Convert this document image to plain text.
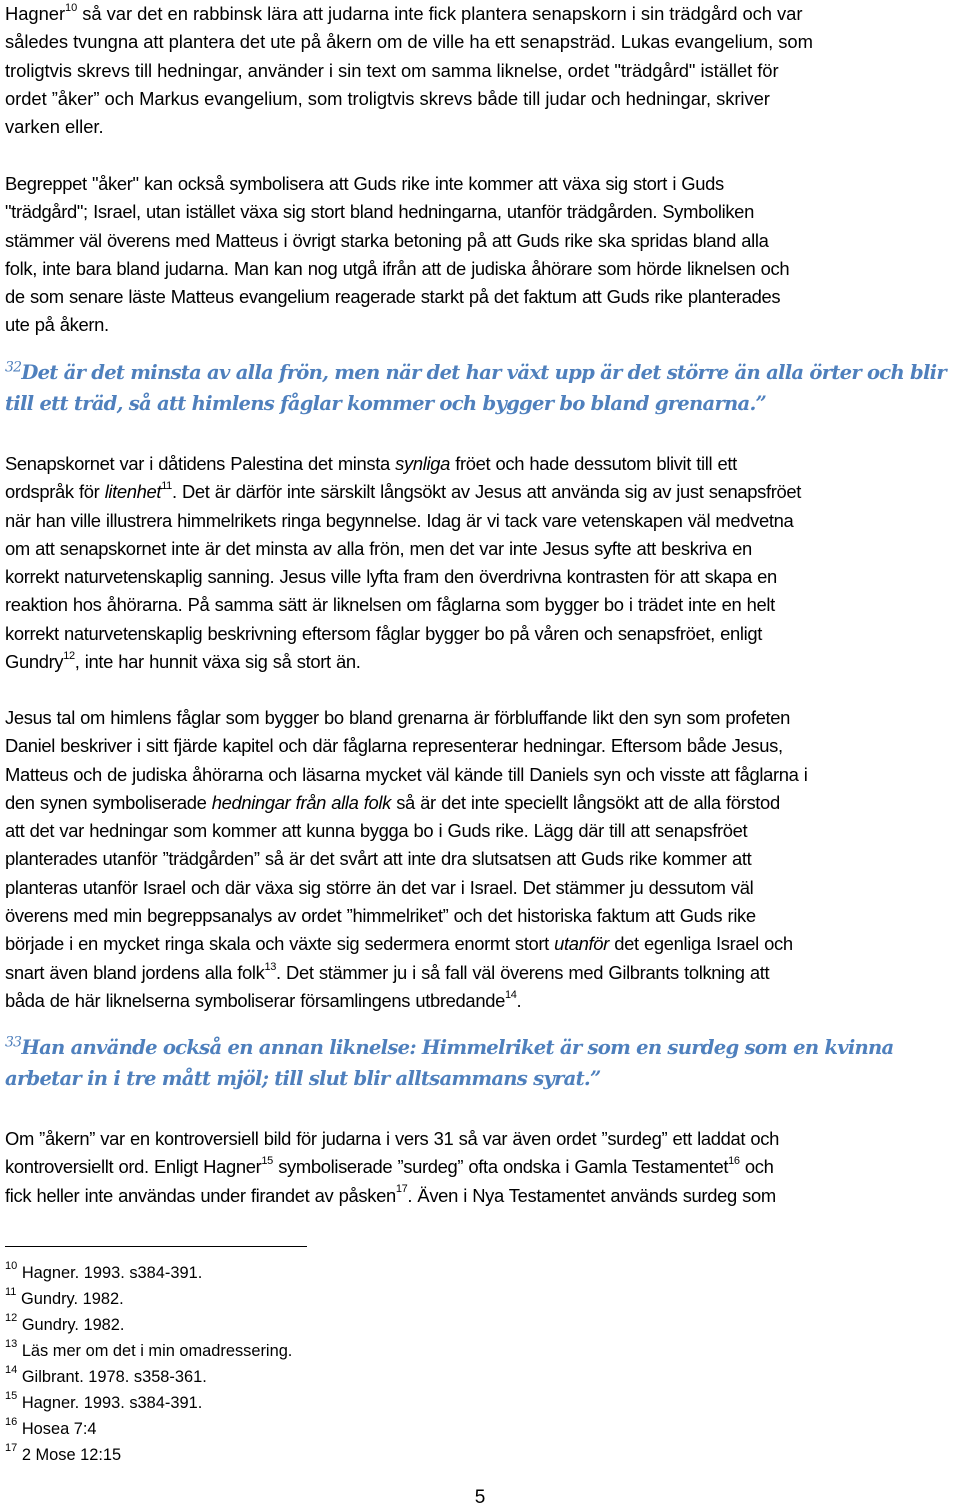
Hagner$^{10}$ så var det en rabbinsk lära att judarna inte fick plantera senapskorn i sin trädgård och var
således tvungna att plantera det ute på åkern om de ville ha ett senapsträd. Lukas evangelium, som
troligtvis skrevs till hedningar, använder i sin text om samma liknelse, ordet "trädgård" istället för
ordet ”åker” och Markus evangelium, som troligtvis skrevs både till judar och hedningar, skriver
varken eller.
Begreppet "åker" kan också symbolisera att Guds rike inte kommer att växa sig stort i Guds
"trädgård"; Israel, utan istället växa sig stort bland hedningarna, utanför trädgården. Symboliken
stämmer väl överens med Matteus i övrigt starka betoning på att Guds rike ska spridas bland alla
folk, inte bara bland judarna. Man kan nog utgå ifrån att de judiska åhörare som hörde liknelsen och
de som senare läste Matteus evangelium reagerade starkt på det faktum att Guds rike planterades
ute på åkern.
$^{32}$Det är det minsta av alla frön, men när det har växt upp är det större än alla örter och blir
till ett träd, så att himlens fåglar kommer och bygger bo bland grenarna.”
Senapskornet var i dåtidens Palestina det minsta synliga fröet och hade dessutom blivit till ett
ordspråk för litenhet$^{11}$. Det är därför inte särskilt långsökt av Jesus att använda sig av just senapsfröet
när han ville illustrera himmelrikets ringa begynnelse. Idag är vi tack vare vetenskapen väl medvetna
om att senapskornet inte är det minsta av alla frön, men det var inte Jesus syfte att beskriva en
korrekt naturvetenskaplig sanning. Jesus ville lyfta fram den överdrivna kontrasten för att skapa en
reaktion hos åhörarna. På samma sätt är liknelsen om fåglarna som bygger bo i trädet inte en helt
korrekt naturvetenskaplig beskrivning eftersom fåglar bygger bo på våren och senapsfröet, enligt
Gundry$^{12}$, inte har hunnit växa sig så stort än.
Jesus tal om himlens fåglar som bygger bo bland grenarna är förbluffande likt den syn som profeten
Daniel beskriver i sitt fjärde kapitel och där fåglarna representerar hedningar. Eftersom både Jesus,
Matteus och de judiska åhörarna och läsarna mycket väl kände till Daniels syn och visste att fåglarna i
den synen symboliserade hedningar från alla folk så är det inte speciellt långsökt att de alla förstod
att det var hedningar som kommer att kunna bygga bo i Guds rike. Lägg där till att senapsfröet
planterades utanför ”trädgården” så är det svårt att inte dra slutsatsen att Guds rike kommer att
planteras utanför Israel och där växa sig större än det var i Israel. Det stämmer ju dessutom väl
överens med min begreppsanalys av ordet ”himmelriket” och det historiska faktum att Guds rike
började i en mycket ringa skala och växte sig sedermera enormt stort utanför det egenliga Israel och
snart även bland jordens alla folk$^{13}$. Det stämmer ju i så fall väl överens med Gilbrants tolkning att
båda de här liknelserna symboliserar församlingens utbredande$^{14}$.
$^{33}$Han använde också en annan liknelse: Himmelriket är som en surdeg som en kvinna
arbetar in i tre mått mjöl; till slut blir alltsammans syrat.”
Om ”åkern” var en kontroversiell bild för judarna i vers 31 så var även ordet ”surdeg” ett laddat och
kontroversiellt ord. Enligt Hagner$^{15}$ symboliserade ”surdeg” ofta ondska i Gamla Testamentet$^{16}$ och
fick heller inte användas under firandet av påsken$^{17}$. Även i Nya Testamentet används surdeg som
$^{10}$ Hagner. 1993. s384-391.
$^{11}$ Gundry. 1982.
$^{12}$ Gundry. 1982.
$^{13}$ Läs mer om det i min omadressering.
$^{14}$ Gilbrant. 1978. s358-361.
$^{15}$ Hagner. 1993. s384-391.
$^{16}$ Hosea 7:4
$^{17}$ 2 Mose 12:15
5
